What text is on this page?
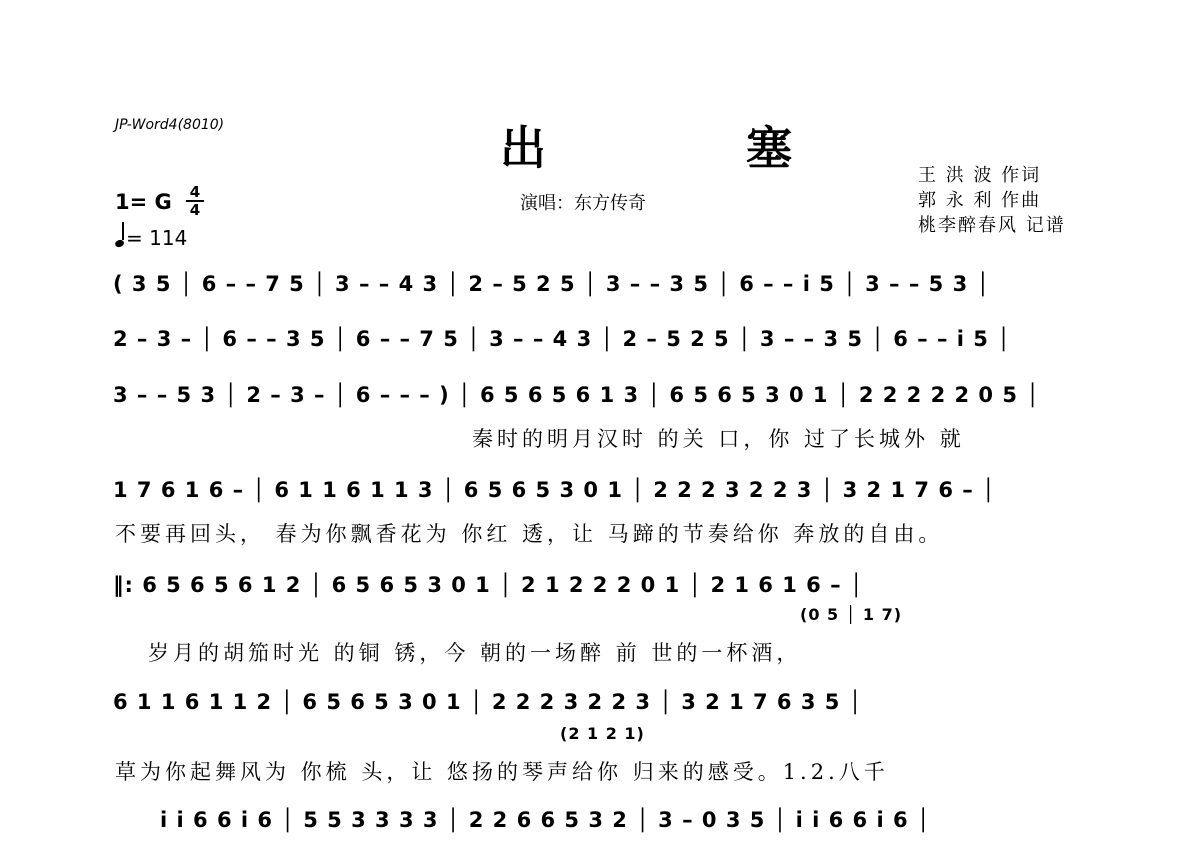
JP-Word4(8010)	出 塞
演唱：东方传奇
王 洪 波 作词
郭 永 利 作曲
桃李醉春风 记谱
1= G 4
4
= 114
( 3 5 │ 6 – – 7 5 │ 3 – – 4 3 │ 2 – 5 2 5 │ 3 – – 3 5 │ 6 – – i 5 │ 3 – – 5 3 │
2 – 3 – │ 6 – – 3 5 │ 6 – – 7 5 │ 3 – – 4 3 │ 2 – 5 2 5 │ 3 – – 3 5 │ 6 – – i 5 │
3 – – 5 3 │ 2 – 3 – │ 6 – – – ) │ 6 5 6 5 6 1 3 │ 6 5 6 5 3 0 1 │ 2 2 2 2 2 0 5 │
秦时的明月汉时 的关 口，你 过了长城外 就
1 7 6 1 6 – │ 6 1 1 6 1 1 3 │ 6 5 6 5 3 0 1 │ 2 2 2 3 2 2 3 │ 3 2 1 7 6 – │
不要再回头， 春为你飘香花为 你红 透，让 马蹄的节奏给你 奔放的自由。
‖: 6 5 6 5 6 1 2 │ 6 5 6 5 3 0 1 │ 2 1 2 2 2 0 1 │ 2 1 6 1 6 – │
(0 5 │ 1 7)
岁月的胡笳时光 的铜 锈，今 朝的一场醉 前 世的一杯酒，
6 1 1 6 1 1 2 │ 6 5 6 5 3 0 1 │ 2 2 2 3 2 2 3 │ 3 2 1 7 6 3 5 │
(2 1 2 1)
草为你起舞风为 你梳 头，让 悠扬的琴声给你 归来的感受。1.2.八千
i i 6 6 i 6 │ 5 5 3 3 3 3 │ 2 2 6 6 5 3 2 │ 3 – 0 3 5 │ i i 6 6 i 6 │
